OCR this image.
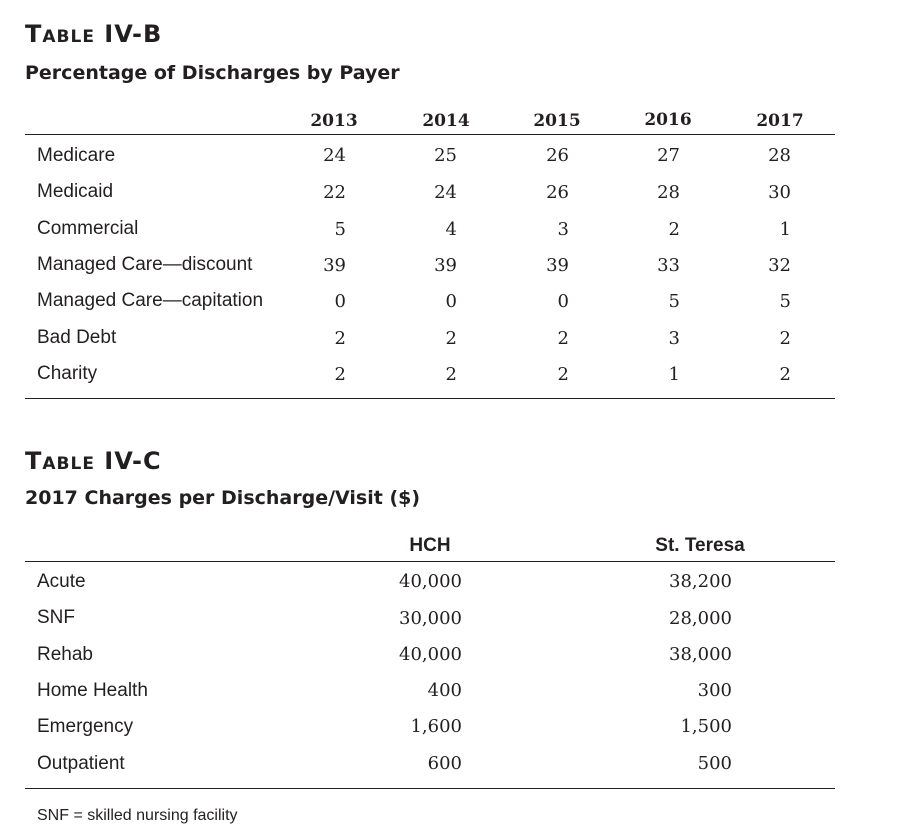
Table IV-B
Percentage of Discharges by Payer
2013	2014	2015	2016	2017
Medicare	24	25	26	27	28
Medicaid	22	24	26	28	30
Commercial	5	4	3	2	1
Managed Care—discount	39	39	39	33	32
Managed Care—capitation	0	0	0	5	5
Bad Debt	2	2	2	3	2
Charity	2	2	2	1	2
Table IV-C
2017 Charges per Discharge/Visit ($)
HCH	St. Teresa
Acute	40,000	38,200
SNF	30,000	28,000
Rehab	40,000	38,000
Home Health	400	300
Emergency	1,600	1,500
Outpatient	600	500
SNF = skilled nursing facility
